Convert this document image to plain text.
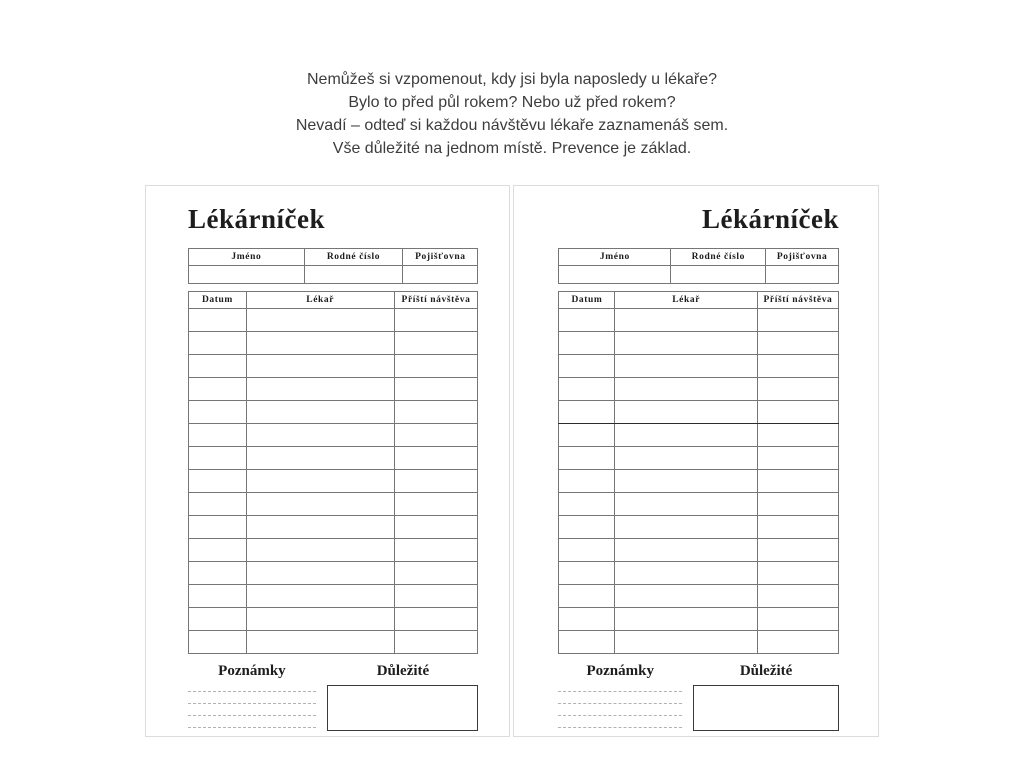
Nemůžeš si vzpomenout, kdy jsi byla naposledy u lékaře?
Bylo to před půl rokem? Nebo už před rokem?
Nevadí – odteď si každou návštěvu lékaře zaznamenáš sem.
Vše důležité na jednom místě. Prevence je základ.
Lékárníček
Jméno	Rodné číslo	Pojišťovna

Datum	Lékař	Příští návštěva

Poznámky	Důležité
Lékárníček
Jméno	Rodné číslo	Pojišťovna

Datum	Lékař	Příští návštěva

Poznámky	Důležité
